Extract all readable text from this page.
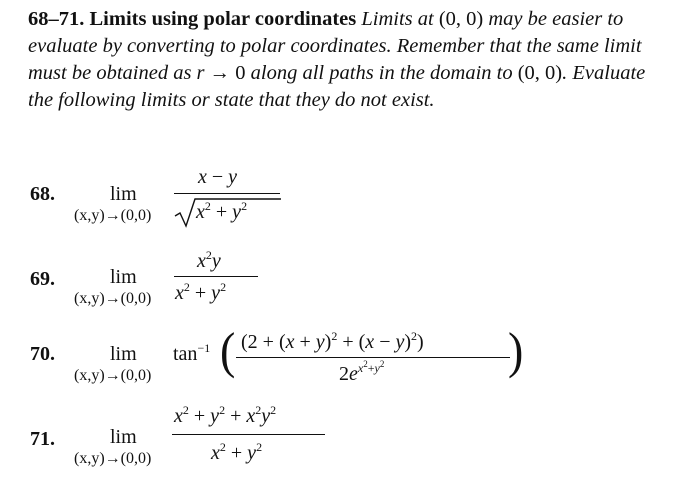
68–71. Limits using polar coordinates Limits at (0, 0) may be easier to evaluate by converting to polar coordinates. Remember that the same limit must be obtained as r → 0 along all paths in the domain to (0, 0). Evaluate the following limits or state that they do not exist.
68.	lim
(x,y)→(0,0)
x − y
$x^2 + y^2$
69.	lim
(x,y)→(0,0)
$x^2y$
$x^2 + y^2$
70.	lim
(x,y)→(0,0)
$\tan^{-1}$ ( $(2 + (x + y)^2 + (x - y)^2)$
$2e^{x^2+y^2}$	)
71.	lim
(x,y)→(0,0)
$x^2 + y^2 + x^2y^2$
$x^2 + y^2$
